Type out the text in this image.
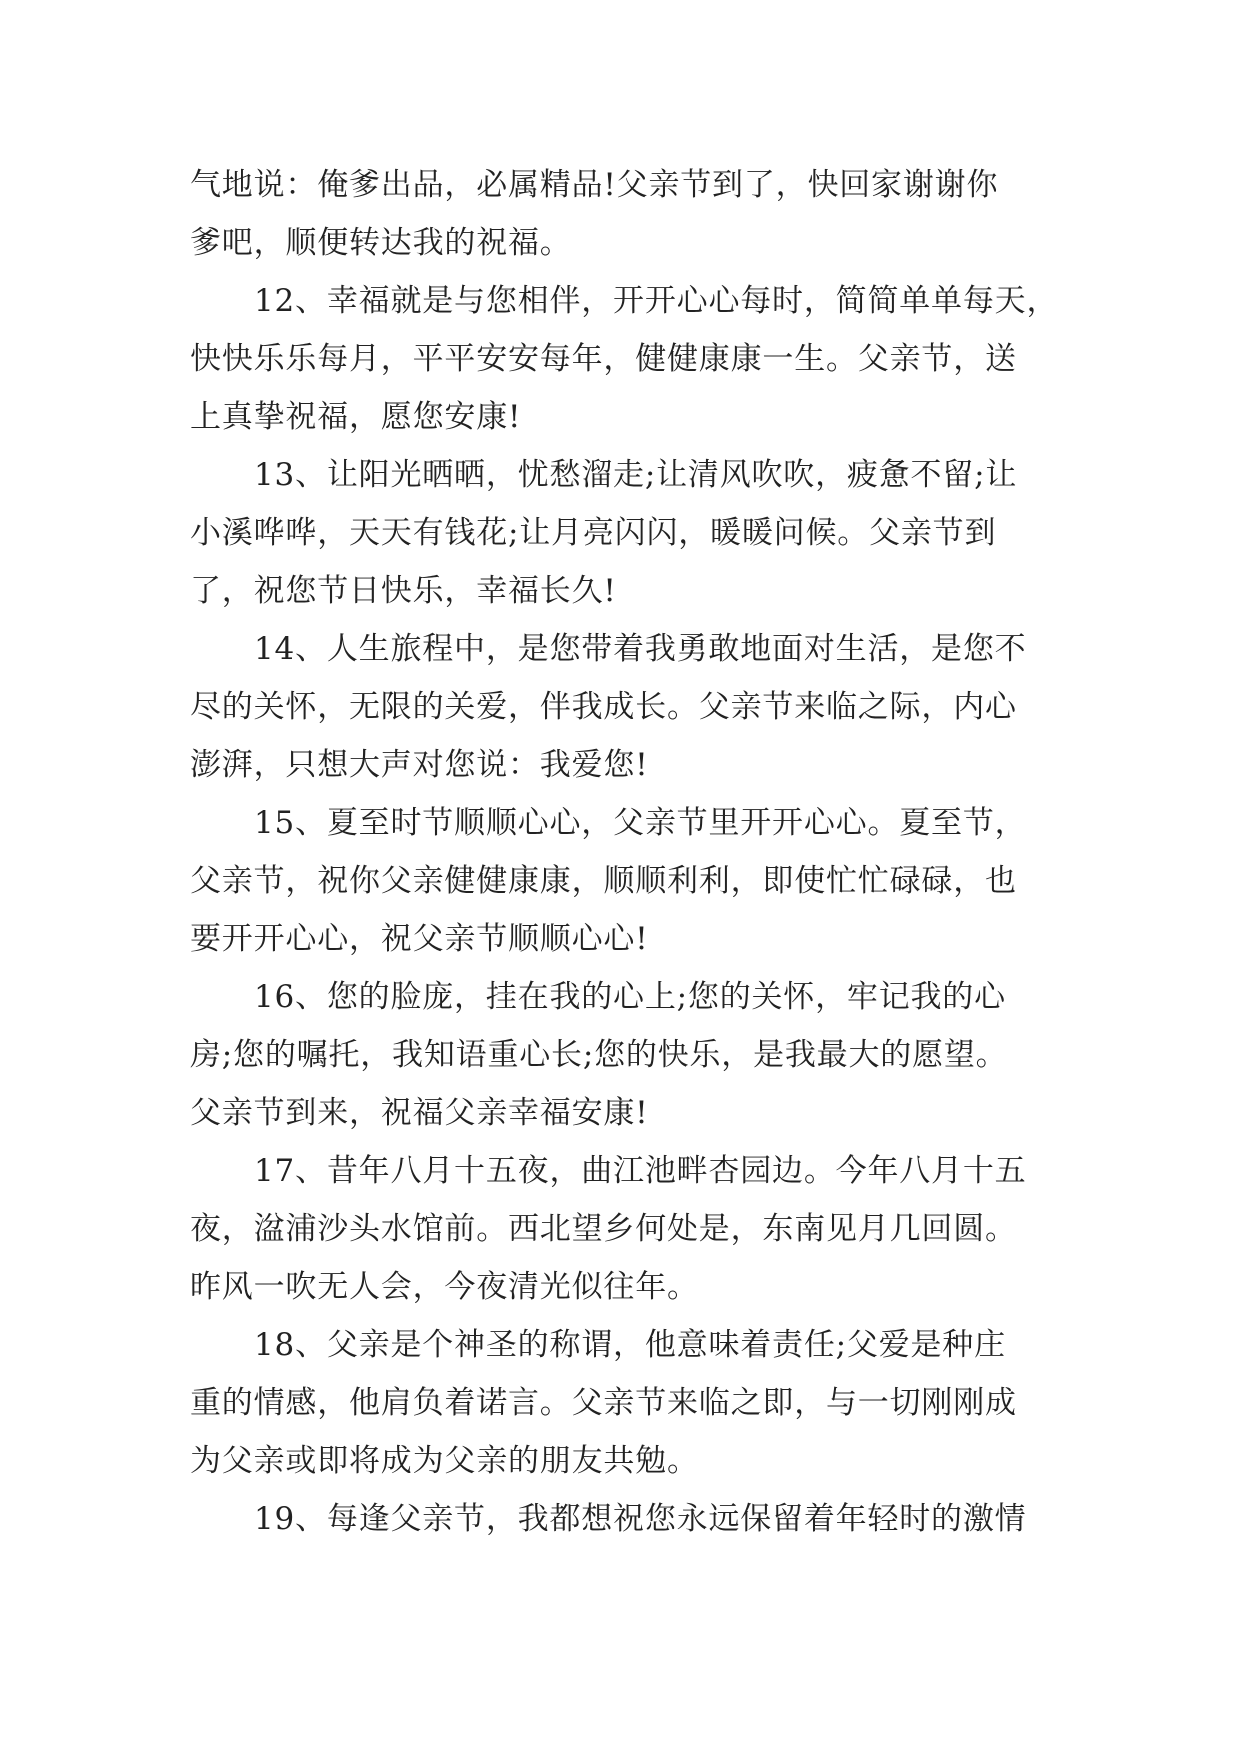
气地说：俺爹出品，必属精品!父亲节到了，快回家谢谢你
爹吧，顺便转达我的祝福。
12、幸福就是与您相伴，开开心心每时，简简单单每天，
快快乐乐每月，平平安安每年，健健康康一生。父亲节，送
上真挚祝福，愿您安康!
13、让阳光晒晒，忧愁溜走;让清风吹吹，疲惫不留;让
小溪哗哗，天天有钱花;让月亮闪闪，暖暖问候。父亲节到
了，祝您节日快乐，幸福长久!
14、人生旅程中，是您带着我勇敢地面对生活，是您不
尽的关怀，无限的关爱，伴我成长。父亲节来临之际，内心
澎湃，只想大声对您说：我爱您!
15、夏至时节顺顺心心，父亲节里开开心心。夏至节，
父亲节，祝你父亲健健康康，顺顺利利，即使忙忙碌碌，也
要开开心心，祝父亲节顺顺心心!
16、您的脸庞，挂在我的心上;您的关怀，牢记我的心
房;您的嘱托，我知语重心长;您的快乐，是我最大的愿望。
父亲节到来，祝福父亲幸福安康!
17、昔年八月十五夜，曲江池畔杏园边。今年八月十五
夜，湓浦沙头水馆前。西北望乡何处是，东南见月几回圆。
昨风一吹无人会，今夜清光似往年。
18、父亲是个神圣的称谓，他意味着责任;父爱是种庄
重的情感，他肩负着诺言。父亲节来临之即，与一切刚刚成
为父亲或即将成为父亲的朋友共勉。
19、每逢父亲节，我都想祝您永远保留着年轻时的激情
